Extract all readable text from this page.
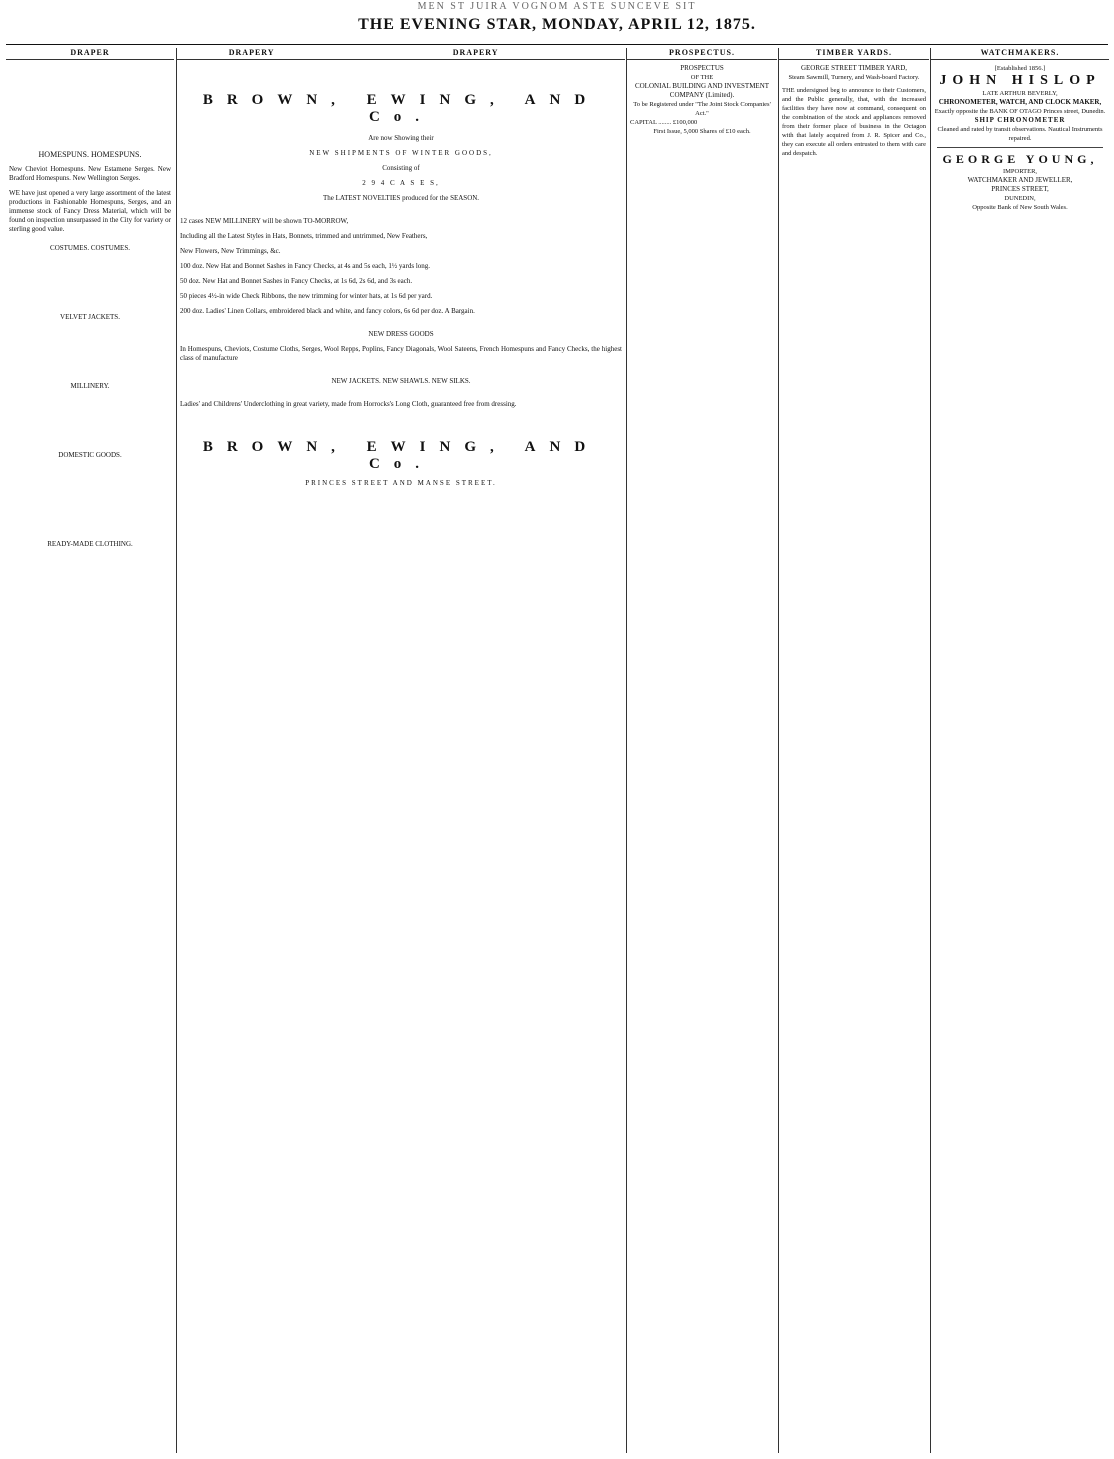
MEN ST JUIRA VOGNOM ASTE SUNCEVE SIT
THE EVENING STAR, MONDAY, APRIL 12, 1875.
DRAPER
HOMESPUNS. HOMESPUNS.
New Cheviot Homespuns. New Estamene Serges. New Bradford Homespuns. New Wellington Serges.
WE have just opened a very large assortment of the latest productions in Fashionable Homespuns, Serges, and an immense stock of Fancy Dress Material, which will be found on inspection unsurpassed in the City for variety or sterling good value.
COSTUMES. COSTUMES.
VELVET JACKETS.
MILLINERY.
DOMESTIC GOODS.
READY-MADE CLOTHING.
DRAPERY	DRAPERY
BROWN, EWING, AND Co.
Are now Showing their
NEW SHIPMENTS OF WINTER GOODS,
Consisting of
2 9 4 C A S E S,
The LATEST NOVELTIES produced for the SEASON.
12 cases NEW MILLINERY will be shown TO-MORROW,
Including all the Latest Styles in Hats, Bonnets, trimmed and untrimmed, New Feathers,
New Flowers, New Trimmings, &c.
100 doz. New Hat and Bonnet Sashes in Fancy Checks, at 4s and 5s each, 1½ yards long.
50 doz. New Hat and Bonnet Sashes in Fancy Checks, at 1s 6d, 2s 6d, and 3s each.
50 pieces 4½-in wide Check Ribbons, the new trimming for winter hats, at 1s 6d per yard.
200 doz. Ladies' Linen Collars, embroidered black and white, and fancy colors, 6s 6d per doz. A Bargain.
NEW DRESS GOODS
In Homespuns, Cheviots, Costume Cloths, Serges, Wool Repps, Poplins, Fancy Diagonals, Wool Sateens, French Homespuns and Fancy Checks, the highest class of manufacture
NEW JACKETS. NEW SHAWLS. NEW SILKS.
Ladies' and Childrens' Underclothing in great variety, made from Horrocks's Long Cloth, guaranteed free from dressing.
BROWN, EWING, AND Co.
PRINCES STREET AND MANSE STREET.
PROSPECTUS.
PROSPECTUS
OF THE
COLONIAL BUILDING AND INVESTMENT COMPANY (Limited).
To be Registered under "The Joint Stock Companies' Act."
CAPITAL ........ £100,000
First Issue, 5,000 Shares of £10 each.
TIMBER YARDS.
GEORGE STREET TIMBER YARD,
Steam Sawmill, Turnery, and Wash-board Factory.
THE undersigned beg to announce to their Customers, and the Public generally, that, with the increased facilities they have now at command, consequent on the combination of the stock and appliances removed from their former place of business in the Octagon with that lately acquired from J. R. Spicer and Co., they can execute all orders entrusted to them with care and despatch.
WATCHMAKERS.
[Established 1856.]
JOHN HISLOP
LATE ARTHUR BEVERLY,
CHRONOMETER, WATCH, AND CLOCK MAKER,
Exactly opposite the BANK OF OTAGO Princes street, Dunedin.
SHIP CHRONOMETER
Cleaned and rated by transit observations. Nautical Instruments repaired.
GEORGE YOUNG,
IMPORTER,
WATCHMAKER AND JEWELLER,
PRINCES STREET,
DUNEDIN,
Opposite Bank of New South Wales.
